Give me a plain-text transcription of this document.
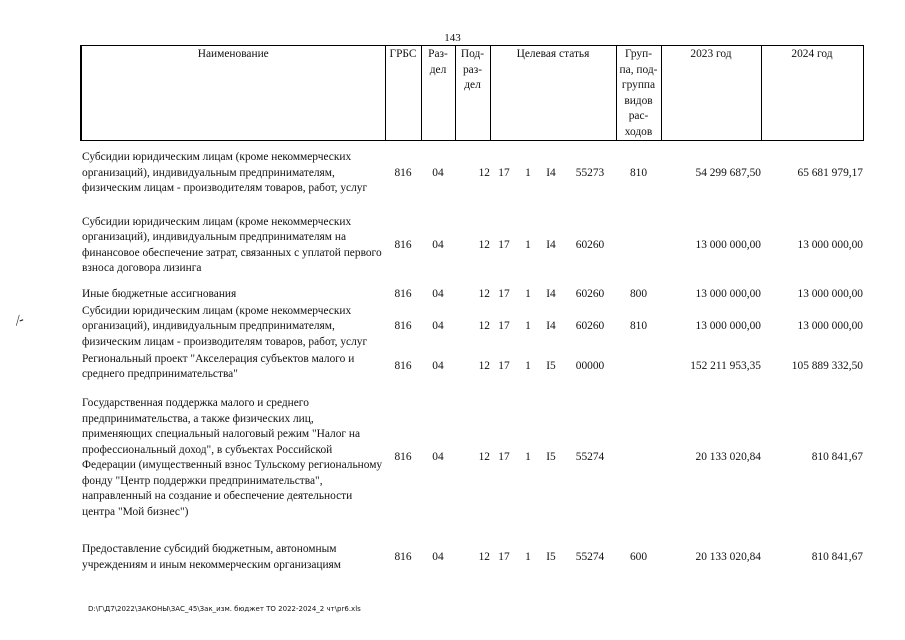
143
Наименование	ГРБС	Раз-дел	Под-раз-дел	Целевая статья				Груп-па, под-группа видов рас-ходов	2023 год	2024 год
Субсидии юридическим лицам (кроме некоммерческих организаций), индивидуальным предпринимателям, физическим лицам - производителям товаров, работ, услуг	816	04	12	17	1	I4	55273	810	54 299 687,50	65 681 979,17
Субсидии юридическим лицам (кроме некоммерческих организаций), индивидуальным предпринимателям на финансовое обеспечение затрат, связанных с уплатой первого взноса договора лизинга	816	04	12	17	1	I4	60260		13 000 000,00	13 000 000,00
Иные бюджетные ассигнования	816	04	12	17	1	I4	60260	800	13 000 000,00	13 000 000,00
Субсидии юридическим лицам (кроме некоммерческих организаций), индивидуальным предпринимателям, физическим лицам - производителям товаров, работ, услуг	816	04	12	17	1	I4	60260	810	13 000 000,00	13 000 000,00
Региональный проект "Акселерация субъектов малого и среднего предпринимательства"	816	04	12	17	1	I5	00000		152 211 953,35	105 889 332,50
Государственная поддержка малого и среднего предпринимательства, а также физических лиц, применяющих специальный налоговый режим "Налог на профессиональный доход", в субъектах Российской Федерации (имущественный взнос Тульскому региональному фонду "Центр поддержки предпринимательства", направленный на создание и обеспечение деятельности центра "Мой бизнес")	816	04	12	17	1	I5	55274		20 133 020,84	810 841,67
Предоставление субсидий бюджетным, автономным учреждениям и иным некоммерческим организациям	816	04	12	17	1	I5	55274	600	20 133 020,84	810 841,67
⁄-
D:\Г\Д7\2022\ЗАКОНЫ\ЗАС_45\Зак_изм. бюджет ТО 2022-2024_2 чт\pr6.xls
